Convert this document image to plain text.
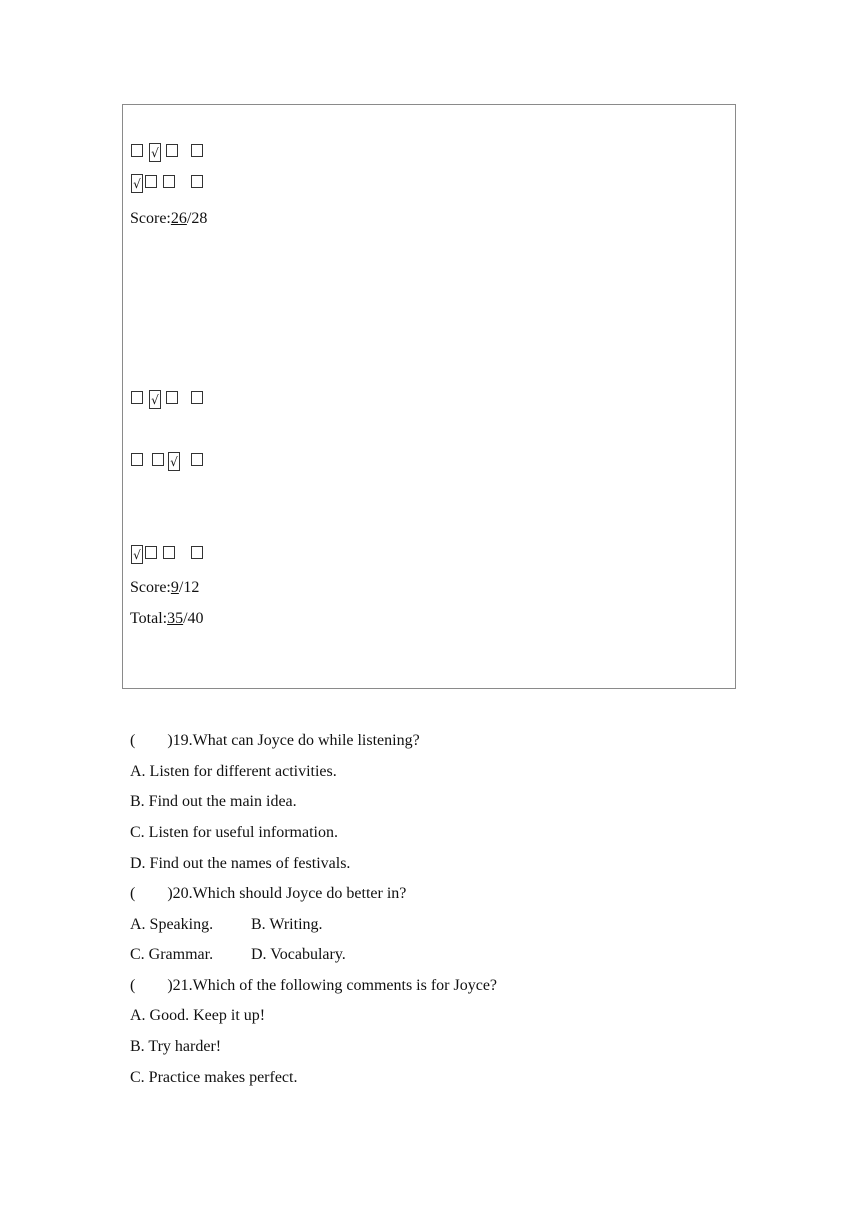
√
√
Score:26/28
√
√
√
Score:9/12
Total:35/40
(        )19.What can Joyce do while listening?
A. Listen for different activities.
B. Find out the main idea.
C. Listen for useful information.
D. Find out the names of festivals.
(        )20.Which should Joyce do better in?
A. Speaking. B. Writing.
C. Grammar. D. Vocabulary.
(        )21.Which of the following comments is for Joyce?
A. Good. Keep it up!
B. Try harder!
C. Practice makes perfect.
